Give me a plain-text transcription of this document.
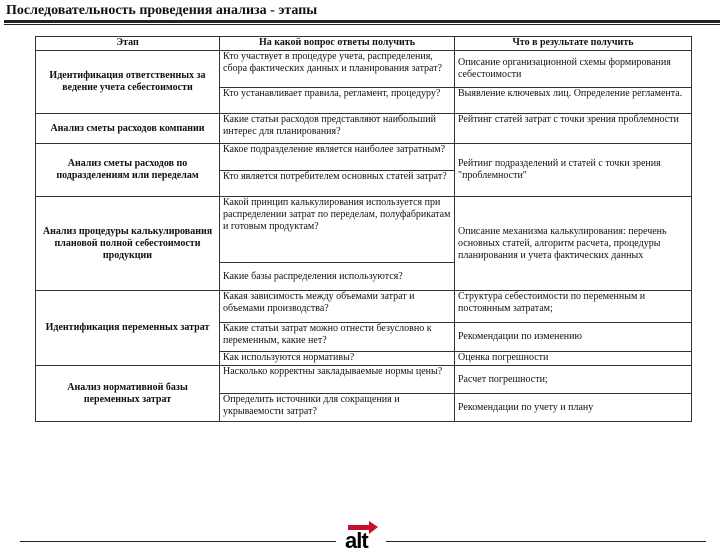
Последовательность проведения анализа - этапы
Этап	На какой вопрос ответы получить	Что в результате получить
Идентификация ответственных за ведение учета себестоимости	Кто участвует в процедуре учета, распределения, сбора фактических данных и планирования затрат?	Описание организационной схемы формирования себестоимости
	Кто устанавливает правила, регламент, процедуру?	Выявление ключевых лиц. Определение регламента.
Анализ сметы расходов компании	Какие статьи расходов представляют наибольший интерес для планирования?	Рейтинг статей затрат с точки зрения проблемности
Анализ сметы расходов по подразделениям или переделам	Какое подразделение является наиболее затратным?	Рейтинг подразделений и статей с точки зрения "проблемности"
	Кто является потребителем основных статей затрат?	
Анализ процедуры калькулирования плановой полной себестоимости продукции	Какой принцип калькулирования используется при распределении затрат по переделам, полуфабрикатам и готовым продуктам?	Описание механизма калькулирования: перечень основных статей, алгоритм расчета, процедуры планирования и учета фактических данных
	Какие базы распределения используются?	
Идентификация переменных затрат	Какая зависимость между объемами затрат и объемами производства?	Структура себестоимости по переменным и постоянным затратам;
	Какие статьи затрат можно отнести безусловно к переменным, какие нет?	Рекомендации по изменению
	Как используются нормативы?	Оценка погрешности
Анализ нормативной базы переменных затрат	Насколько корректны закладываемые нормы цены?	Расчет погрешности;
	Определить источники для сокращения и укрываемости затрат?	Рекомендации по учету и плану
alt
